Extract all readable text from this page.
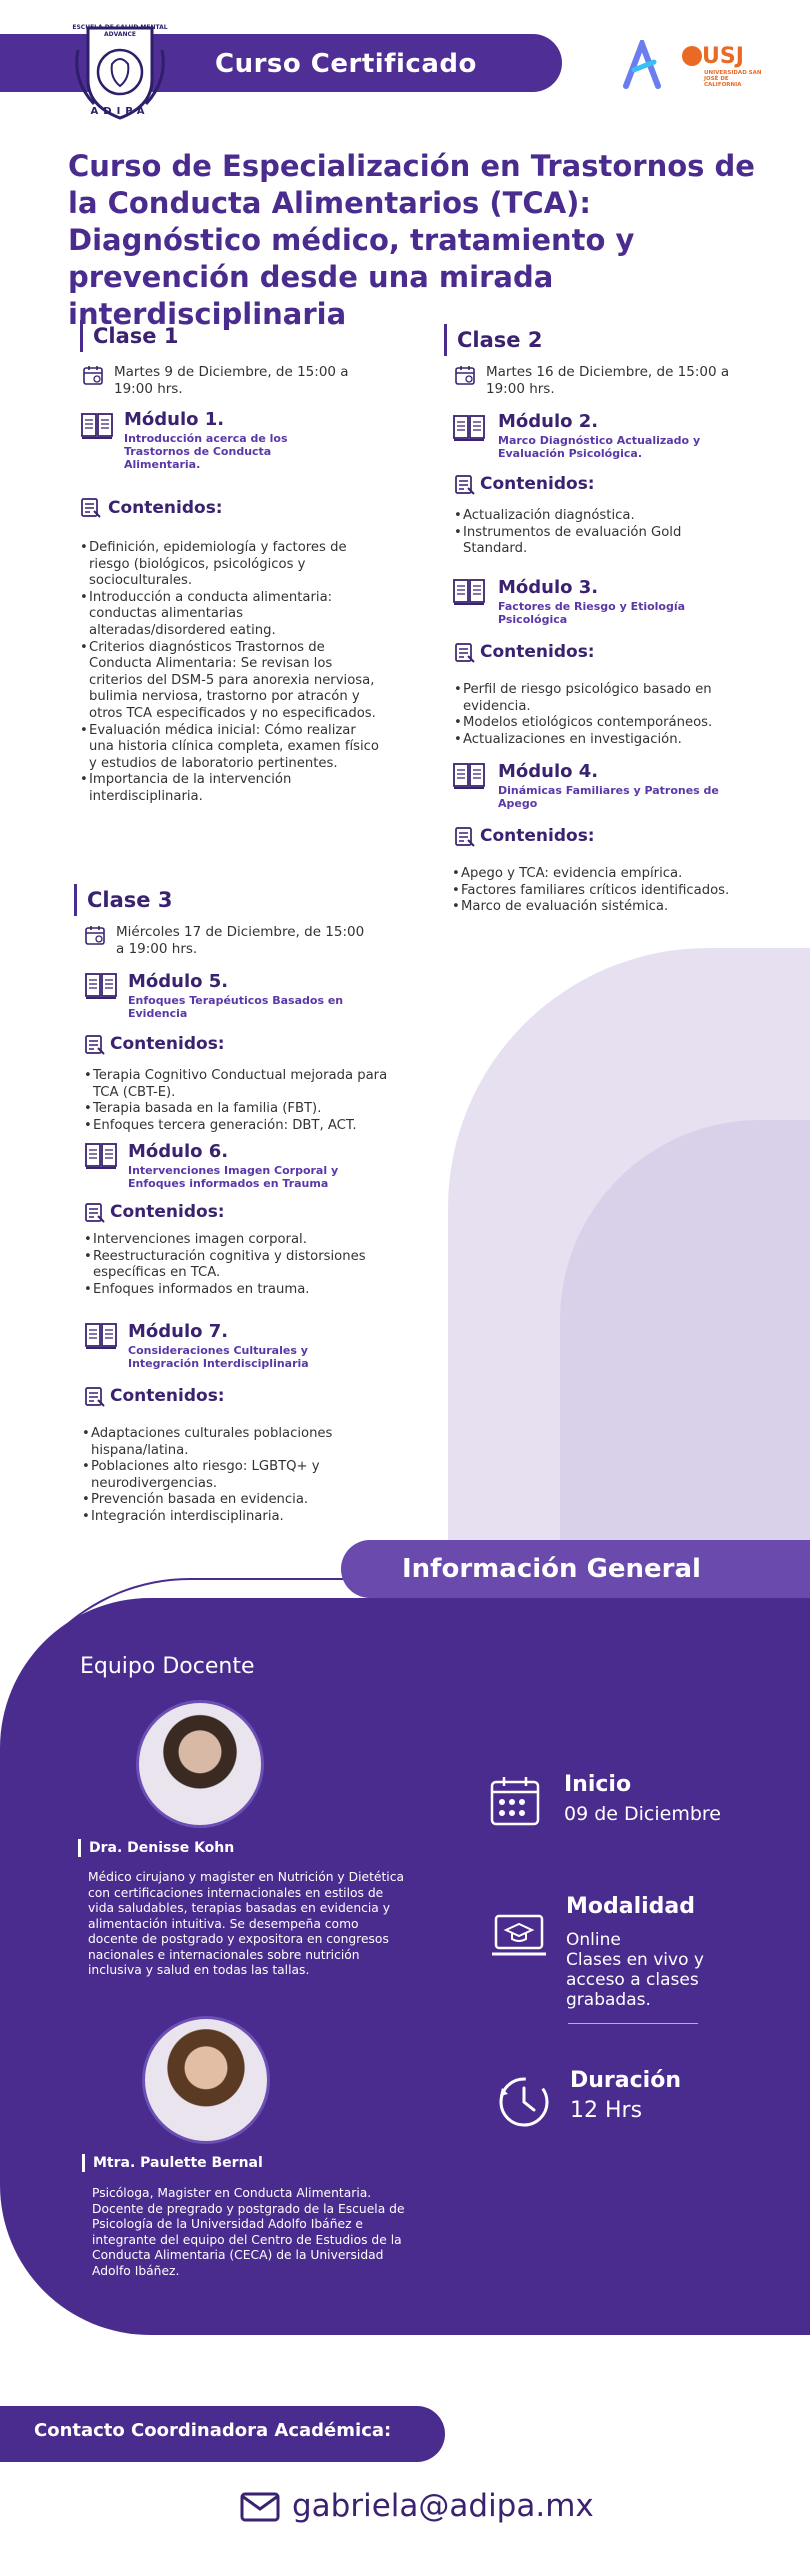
Curso Certificado
ESCUELA DE SALUD MENTAL ADVANCE
ADIPA
USJ
UNIVERSIDAD SAN JOSÉ DE CALIFORNIA
Curso de Especialización en Trastornos de la Conducta Alimentarios (TCA): Diagnóstico médico, tratamiento y prevención desde una mirada interdisciplinaria
Clase 1
Martes 9 de Diciembre, de 15:00 a 19:00 hrs.
Módulo 1.
Introducción acerca de los Trastornos de Conducta Alimentaria.
Contenidos:
• Definición, epidemiología y factores de riesgo (biológicos, psicológicos y socioculturales.
• Introducción a conducta alimentaria: conductas alimentarias alteradas/disordered eating.
• Criterios diagnósticos Trastornos de Conducta Alimentaria: Se revisan los criterios del DSM-5 para anorexia nerviosa, bulimia nerviosa, trastorno por atracón y otros TCA especificados y no especificados.
• Evaluación médica inicial: Cómo realizar una historia clínica completa, examen físico y estudios de laboratorio pertinentes.
• Importancia de la intervención interdisciplinaria.
Clase 2
Martes 16 de Diciembre, de 15:00 a 19:00 hrs.
Módulo 2.
Marco Diagnóstico Actualizado y Evaluación Psicológica.
Contenidos:
• Actualización diagnóstica.
• Instrumentos de evaluación Gold Standard.
Módulo 3.
Factores de Riesgo y Etiología Psicológica
Contenidos:
• Perfil de riesgo psicológico basado en evidencia.
• Modelos etiológicos contemporáneos.
• Actualizaciones en investigación.
Módulo 4.
Dinámicas Familiares y Patrones de Apego
Contenidos:
• Apego y TCA: evidencia empírica.
• Factores familiares críticos identificados.
• Marco de evaluación sistémica.
Clase 3
Miércoles 17 de Diciembre, de 15:00 a 19:00 hrs.
Módulo 5.
Enfoques Terapéuticos Basados en Evidencia
Contenidos:
• Terapia Cognitivo Conductual mejorada para TCA (CBT-E).
• Terapia basada en la familia (FBT).
• Enfoques tercera generación: DBT, ACT.
Módulo 6.
Intervenciones Imagen Corporal y Enfoques informados en Trauma
Contenidos:
• Intervenciones imagen corporal.
• Reestructuración cognitiva y distorsiones específicas en TCA.
• Enfoques informados en trauma.
Módulo 7.
Consideraciones Culturales y Integración Interdisciplinaria
Contenidos:
• Adaptaciones culturales poblaciones hispana/latina.
• Poblaciones alto riesgo: LGBTQ+ y neurodivergencias.
• Prevención basada en evidencia.
• Integración interdisciplinaria.
Información General
Equipo Docente
Dra. Denisse Kohn
Médico cirujano y magister en Nutrición y Dietética con certificaciones internacionales en estilos de vida saludables, terapias basadas en evidencia y alimentación intuitiva. Se desempeña como docente de postgrado y expositora en congresos nacionales e internacionales sobre nutrición inclusiva y salud en todas las tallas.
Mtra. Paulette Bernal
Psicóloga, Magister en Conducta Alimentaria. Docente de pregrado y postgrado de la Escuela de Psicología de la Universidad Adolfo Ibáñez e integrante del equipo del Centro de Estudios de la Conducta Alimentaria (CECA) de la Universidad Adolfo Ibáñez.
Inicio
09 de Diciembre
Modalidad
Online
Clases en vivo y acceso a clases grabadas.
Duración
12 Hrs
Contacto Coordinadora Académica:
gabriela@adipa.mx
